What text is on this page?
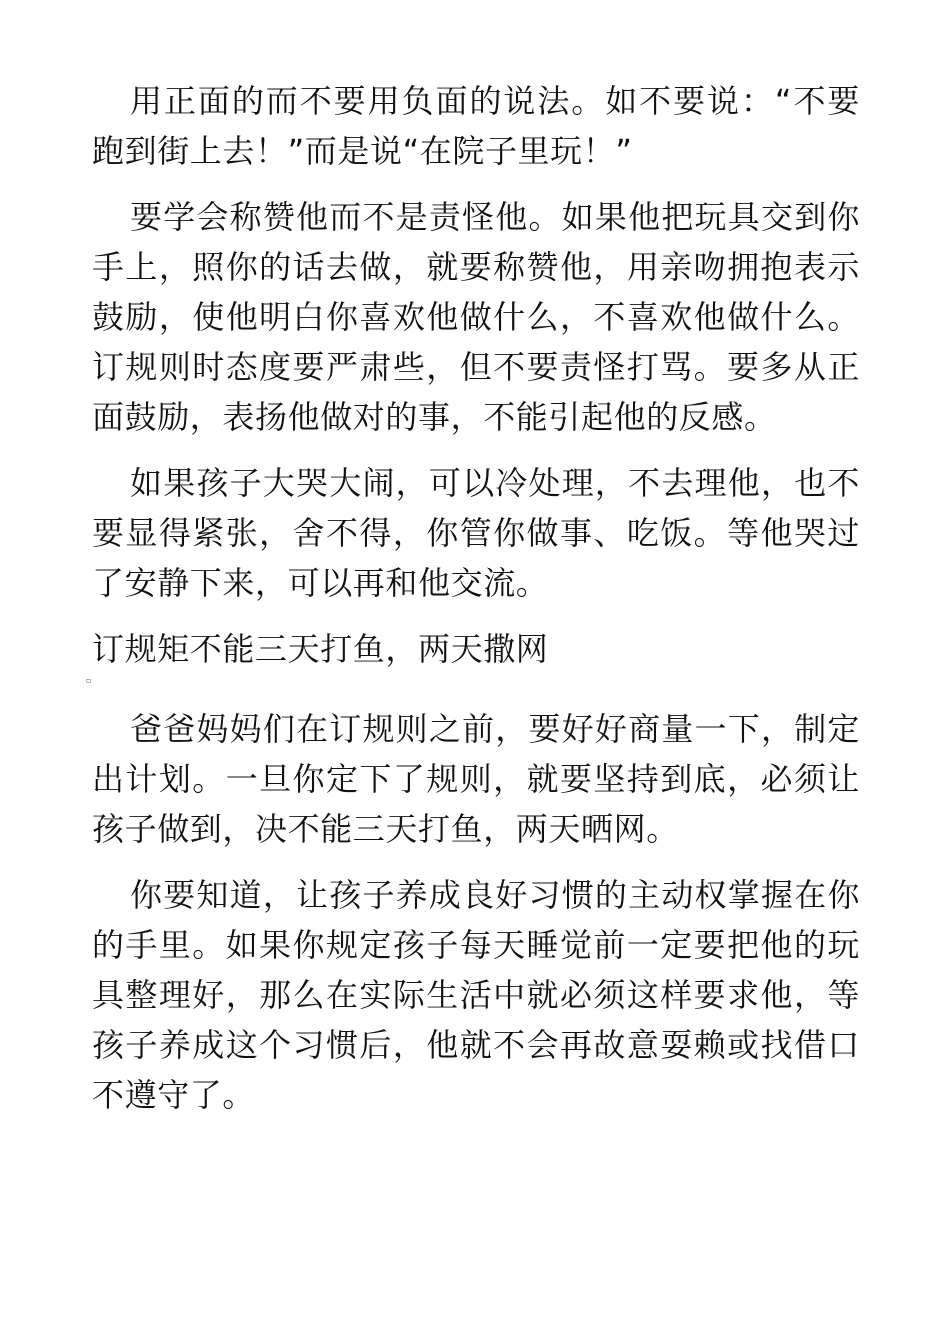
用正面的而不要用负面的说法。如不要说：“不要跑到街上去！”而是说“在院子里玩！”

要学会称赞他而不是责怪他。如果他把玩具交到你手上，照你的话去做，就要称赞他，用亲吻拥抱表示鼓励，使他明白你喜欢他做什么，不喜欢他做什么。订规则时态度要严肃些，但不要责怪打骂。要多从正面鼓励，表扬他做对的事，不能引起他的反感。

如果孩子大哭大闹，可以冷处理，不去理他，也不要显得紧张，舍不得，你管你做事、吃饭。等他哭过了安静下来，可以再和他交流。

订规矩不能三天打鱼，两天撒网

▫

爸爸妈妈们在订规则之前，要好好商量一下，制定出计划。一旦你定下了规则，就要坚持到底，必须让孩子做到，决不能三天打鱼，两天晒网。

你要知道，让孩子养成良好习惯的主动权掌握在你的手里。如果你规定孩子每天睡觉前一定要把他的玩具整理好，那么在实际生活中就必须这样要求他，等孩子养成这个习惯后，他就不会再故意耍赖或找借口不遵守了。
